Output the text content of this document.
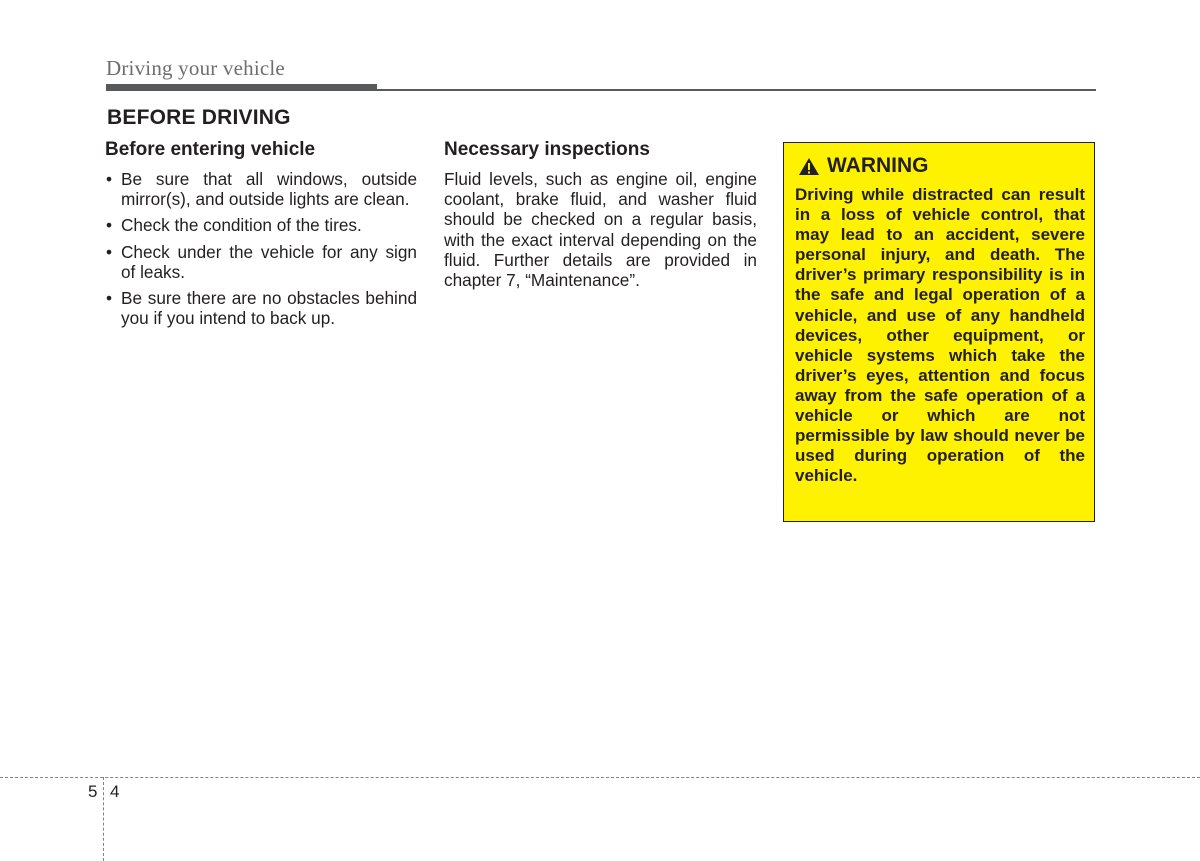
Driving your vehicle
BEFORE DRIVING
Before entering vehicle
• Be sure that all windows, outside mirror(s), and outside lights are clean.
• Check the condition of the tires.
• Check under the vehicle for any sign of leaks.
• Be sure there are no obstacles behind you if you intend to back up.
Necessary inspections

Fluid levels, such as engine oil, engine coolant, brake fluid, and washer fluid should be checked on a regular basis, with the exact interval depending on the fluid. Further details are provided in chapter 7, “Maintenance”.

WARNING

Driving while distracted can result in a loss of vehicle control, that may lead to an accident, severe personal injury, and death. The driver’s primary responsibility is in the safe and legal operation of a vehicle, and use of any handheld devices, other equipment, or vehicle systems which take the driver’s eyes, attention and focus away from the safe operation of a vehicle or which are not permissible by law should never be used during operation of the vehicle.

5 4
